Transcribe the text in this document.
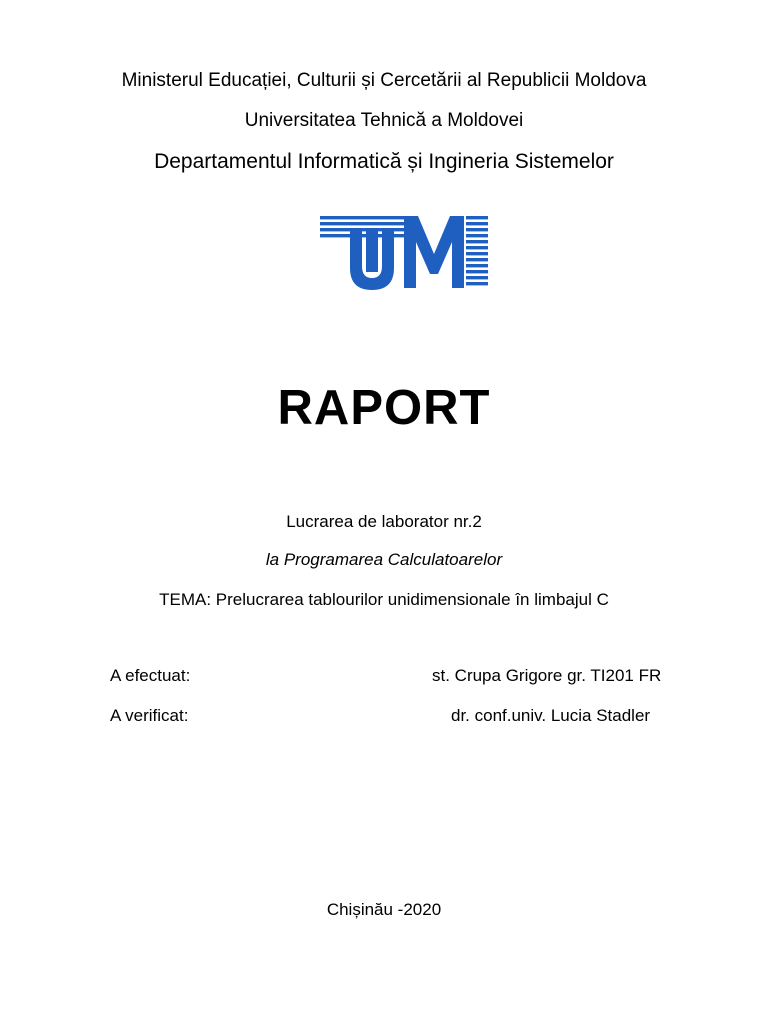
Ministerul Educației, Culturii și Cercetării al Republicii Moldova
Universitatea Tehnică a Moldovei
Departamentul Informatică și Ingineria Sistemelor
RAPORT
Lucrarea de laborator nr.2
la Programarea Calculatoarelor
TEMA: Prelucrarea tablourilor unidimensionale în limbajul C
A efectuat:	st. Crupa Grigore gr. TI201 FR
A verificat:	dr. conf.univ. Lucia Stadler
Chișinău -2020
